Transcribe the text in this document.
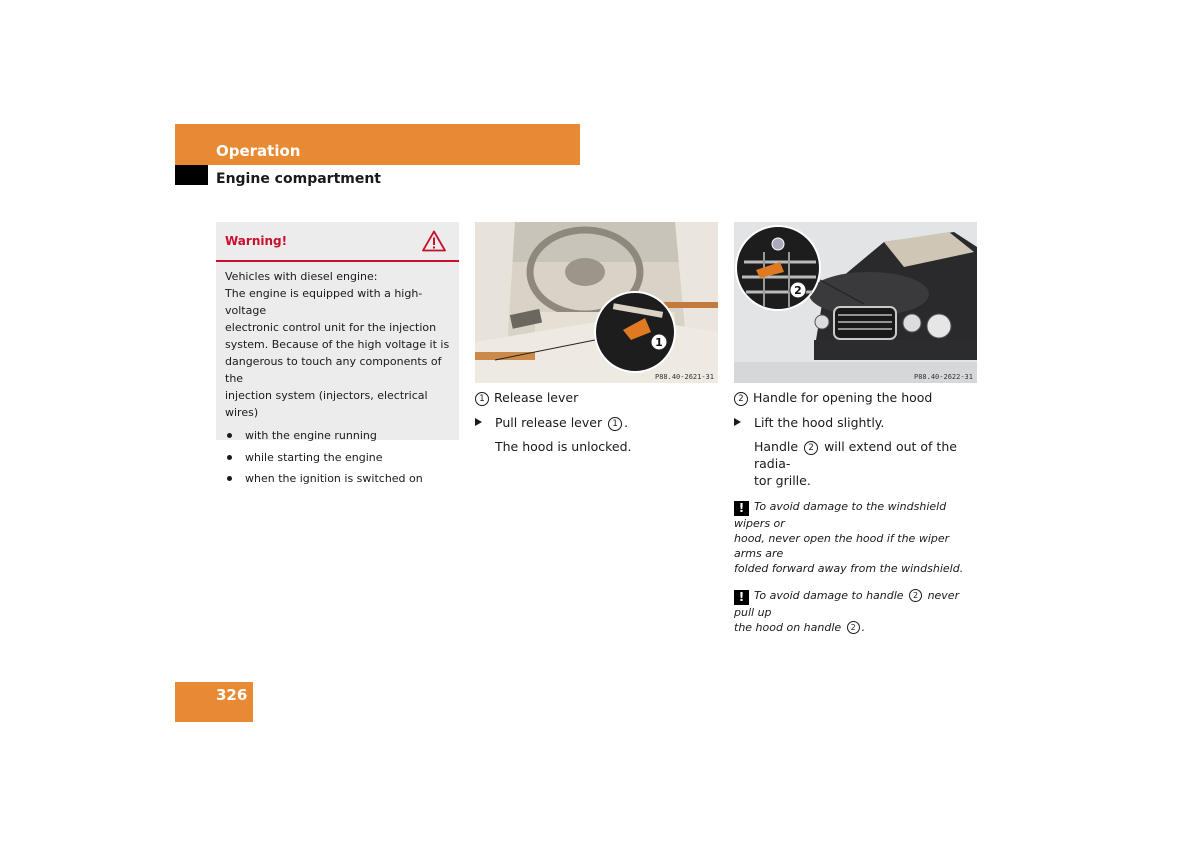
Operation
Engine compartment
Warning!

Vehicles with diesel engine:

The engine is equipped with a high-voltage

electronic control unit for the injection

system. Because of the high voltage it is

dangerous to touch any components of the

injection system (injectors, electrical wires)

with the engine running
while starting the engine
when the ignition is switched on
1
P88.40-2621-31
2
P88.40-2622-31
1 Release lever
Pull release lever 1 .
The hood is unlocked.
2 Handle for opening the hood
Lift the hood slightly.
Handle 2 will extend out of the radia-
tor grille.
! To avoid damage to the windshield wipers or
hood, never open the hood if the wiper arms are
folded forward away from the windshield.
! To avoid damage to handle 2 never pull up
the hood on handle 2 .
326
